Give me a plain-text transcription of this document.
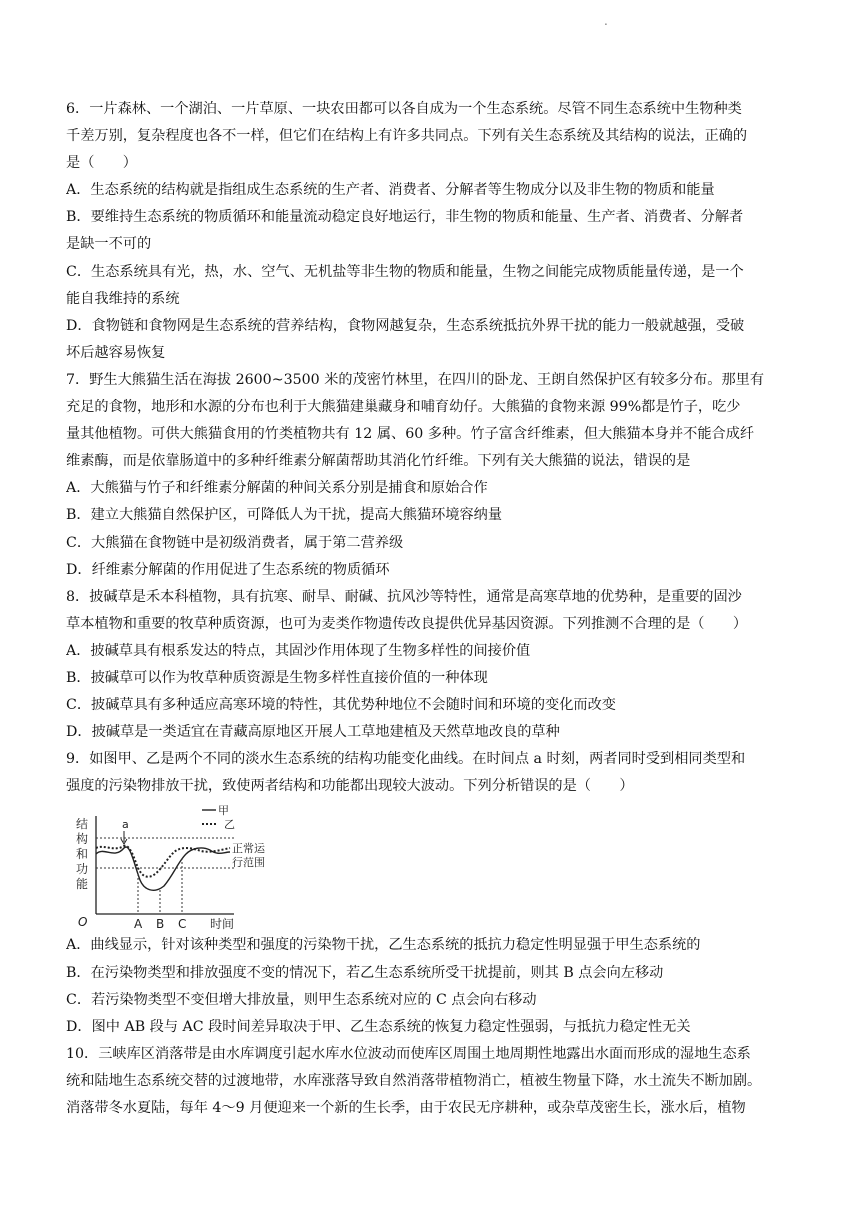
.
6．一片森林、一个湖泊、一片草原、一块农田都可以各自成为一个生态系统。尽管不同生态系统中生物种类
千差万别，复杂程度也各不一样，但它们在结构上有许多共同点。下列有关生态系统及其结构的说法，正确的
是（　　）
A．生态系统的结构就是指组成生态系统的生产者、消费者、分解者等生物成分以及非生物的物质和能量
B．要维持生态系统的物质循环和能量流动稳定良好地运行，非生物的物质和能量、生产者、消费者、分解者
是缺一不可的
C．生态系统具有光，热，水、空气、无机盐等非生物的物质和能量，生物之间能完成物质能量传递，是一个
能自我维持的系统
D．食物链和食物网是生态系统的营养结构，食物网越复杂，生态系统抵抗外界干扰的能力一般就越强，受破
坏后越容易恢复
7．野生大熊猫生活在海拔 2600~3500 米的茂密竹林里，在四川的卧龙、王朗自然保护区有较多分布。那里有
充足的食物，地形和水源的分布也利于大熊猫建巢藏身和哺育幼仔。大熊猫的食物来源 99%都是竹子，吃少
量其他植物。可供大熊猫食用的竹类植物共有 12 属、60 多种。竹子富含纤维素，但大熊猫本身并不能合成纤
维素酶，而是依靠肠道中的多种纤维素分解菌帮助其消化竹纤维。下列有关大熊猫的说法，错误的是
A．大熊猫与竹子和纤维素分解菌的种间关系分别是捕食和原始合作
B．建立大熊猫自然保护区，可降低人为干扰，提高大熊猫环境容纳量
C．大熊猫在食物链中是初级消费者，属于第二营养级
D．纤维素分解菌的作用促进了生态系统的物质循环
8．披碱草是禾本科植物，具有抗寒、耐旱、耐碱、抗风沙等特性，通常是高寒草地的优势种，是重要的固沙
草本植物和重要的牧草种质资源，也可为麦类作物遗传改良提供优异基因资源。下列推测不合理的是（　　）
A．披碱草具有根系发达的特点，其固沙作用体现了生物多样性的间接价值
B．披碱草可以作为牧草种质资源是生物多样性直接价值的一种体现
C．披碱草具有多种适应高寒环境的特性，其优势种地位不会随时间和环境的变化而改变
D．披碱草是一类适宜在青藏高原地区开展人工草地建植及天然草地改良的草种
9．如图甲、乙是两个不同的淡水生态系统的结构功能变化曲线。在时间点 a 时刻，两者同时受到相同类型和
强度的污染物排放干扰，致使两者结构和功能都出现较大波动。下列分析错误的是（　　）
结
构
和
功
能
O	时间
甲
乙
正常运
行范围
a
A B C
A．曲线显示，针对该种类型和强度的污染物干扰，乙生态系统的抵抗力稳定性明显强于甲生态系统的
B．在污染物类型和排放强度不变的情况下，若乙生态系统所受干扰提前，则其 B 点会向左移动
C．若污染物类型不变但增大排放量，则甲生态系统对应的 C 点会向右移动
D．图中 AB 段与 AC 段时间差异取决于甲、乙生态系统的恢复力稳定性强弱，与抵抗力稳定性无关
10．三峡库区消落带是由水库调度引起水库水位波动而使库区周围土地周期性地露出水面而形成的湿地生态系
统和陆地生态系统交替的过渡地带，水库涨落导致自然消落带植物消亡，植被生物量下降，水土流失不断加剧。
消落带冬水夏陆，每年 4～9 月便迎来一个新的生长季，由于农民无序耕种，或杂草茂密生长，涨水后，植物
